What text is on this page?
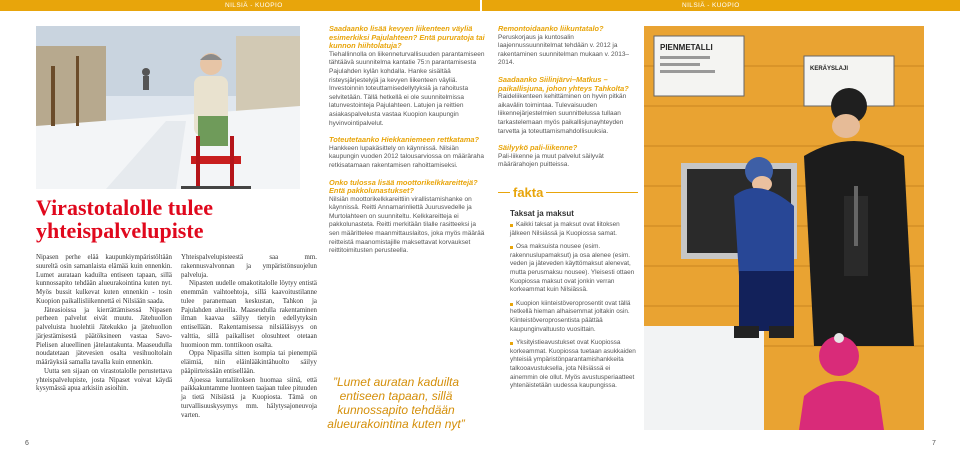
NILSIÄ - KUOPIO	NILSIÄ - KUOPIO
Virastotalolle tulee yhteispalvelupiste

Nipasen perhe elää kaupunkiympäristöltään suureltä osin samanlaista elämää kuin ennenkin. Lumet aurataan kaduilta entiseen tapaan, sillä kunnossapito tehdään alueurakointina kuten nyt. Myös bussit kulkevat kuten ennenkin - tosin Kuopion paikallisliikennettä ei Nilsiään saada.

Jäteasioissa ja kierrättämisessä Nipasen perheen palvelut eivät muutu. Jätehuollon palveluista huolehtii Jätekukko ja jätehuollon järjestämisestä päätöksineen vastaa Savo-Pielisen alueellinen jätelautakunta. Maaseudulla noudatetaan jätevesien osalta vesihuoltolain määräyksiä samalla tavalla kuin ennenkin.

Uutta sen sijaan on virastotalolle perustettava yhteispalvelupiste, josta Nipaset voivat käydä kysymässä apua arkisiin asioihin.

Yhteispalvelupisteestä saa mm. rakennusvalvonnan ja ympäristönsuojelun palveluja.

Nipasten uudelle omakotitalolle löytyy entistä enemmän vaihtoehtoja, sillä kaavoitustilanne tulee paranemaan keskustan, Tahkon ja Pajulahden alueilla. Maaseudulla rakentaminen ilman kaavaa säilyy tietyin edellytyksin entisellään. Rakentamisessa nilsiäläisyys on valttia, sillä paikalliset olosuhteet otetaan huomioon mm. tonttikoon osalta.

Oppa Nipasilla sitten isompia tai pienempiä eläimiä, niin eläinlääkintähuolto säilyy pääpiirteissään entisellään.

Ajoessa kuntaliitoksen huomaa siinä, että paikkakuntamme luonteen taajaan tulee pituuden ja tietä Nilsiästä ja Kuopiosta. Tämä on turvallisuuskysymys mm. hälytysajoneuvoja varten.

Saadaanko lisää kevyen liikenteen väyliä esimerkiksi Pajulahteen? Entä pururatoja tai kunnon hiihtolatuja?

Tiehallinnolla on liikenneturvallisuuden parantamiseen tähtäävä suunnitelma kantatie 75:n parantamisesta Pajulahden kylän kohdalla. Hanke sisältää risteysjärjestelyjä ja kevyen liikenteen väyliä. Investoinnin toteuttamisedellytyksiä ja rahoitusta selvitetään. Tällä hetkellä ei ole suunnitelmissa latunvestointeja Pajulahteen. Latujen ja reittien asiakaspalvelusta vastaa Kuopion kaupungin hyvinvointipalvelut.

Toteutetaanko Hiekkaniemeen rettkatama?

Hankkeen lupakäsittely on käynnissä. Nilsiän kaupungin vuoden 2012 talousarviossa on määräraha retkisatamaan rakentamisen rahoittamiseksi.

Onko tulossa lisää moottorikelkkareittejä? Entä pakkolunastukset?

Nilsiän moottorikelkkareittiin virallistamishanke on käynnissä. Reitti Annamarinliettä Juurusvedelle ja Murtolahteen on suunniteltu. Kelkkareitteja ei pakkolunasteta. Reitti merkitään tilalle rasitteeksi ja sen määrittelee maanmittauslaitos, joka myös määrää reitteistä maanomistajille maksettavat korvaukset reittitoimitusten perusteella.

”Lumet auratan kaduilta entiseen tapaan, sillä kunnossapito tehdään alueurakointina kuten nyt”
Remontoidaanko liikuntatalo?

Peruskorjaus ja kuntosalin laajennussuunnitelmat tehdään v. 2012 ja rakentaminen suunnitelman mukaan v. 2013–2014.

Saadaanko Siilinjärvi–Matkus –paikallisjuna, johon yhteys Tahkolta?

Raideliikenteen kehittäminen on hyvin pitkän aikavälin toimintaa. Tulevaisuuden liikennejärjestelmien suunnittelussa tullaan tarkastelemaan myös paikallisjunayhteyden tarvetta ja toteuttamismahdollisuuksia.

Säilyykö pali-liikenne?

Pali-liikenne ja muut palvelut säilyvät määrärahojen puitteissa.

fakta
Taksat ja maksut
Kaikki taksat ja maksut ovat liitoksen jälkeen Nilsiässä ja Kuopiossa samat.
Osa maksuista nousee (esim. rakennuslupamaksut) ja osa alenee (esim. veden ja jäteveden käyttömaksut alenevat, mutta perusmaksu nousee). Yleisesti ottaen Kuopiossa maksut ovat jonkin verran korkeammat kuin Nilsiässä.
Kuopion kiinteistöveroprosentit ovat tällä hetkellä hieman alhaisemmat joltakin osin. Kiinteistöveroprosentista päättää kaupunginvaltuusto vuosittain.
Yksityistieavustukset ovat Kuopiossa korkeammat. Kuopiossa tuetaan asukkaiden yhteisiä ympäristönparantamishankkeita talkooavustuksella, jota Nilsiässä ei ainemmin ole ollut. Myös avustusperiaatteet yhtenäistetään uudessa kaupungissa.
PIENMETALLI
KERÄYSLAJI
6	7
